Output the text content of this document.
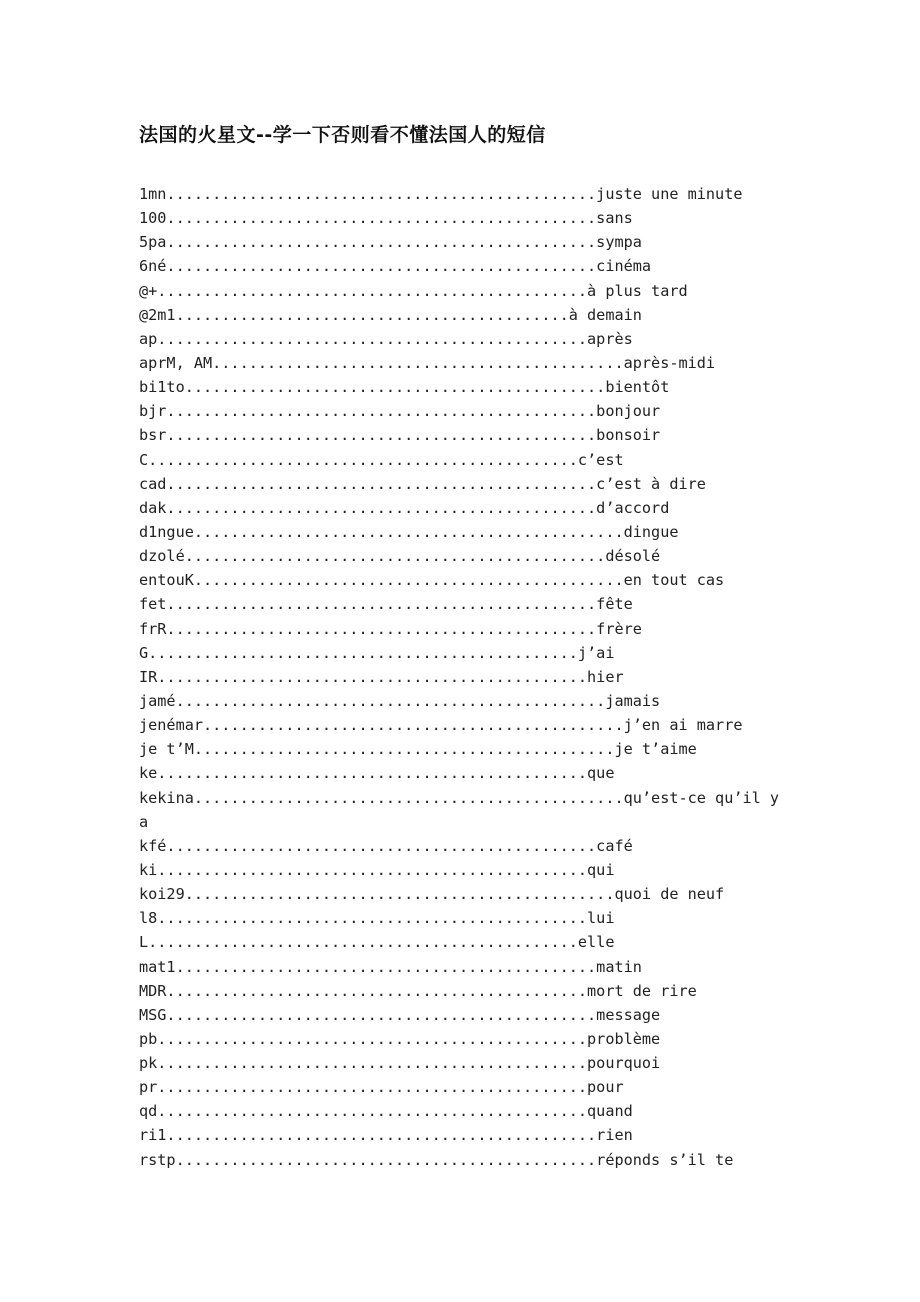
法国的火星文--学一下否则看不懂法国人的短信
1mn...............................................juste une minute
100...............................................sans
5pa...............................................sympa
6né...............................................cinéma
@+...............................................à plus tard
@2m1...........................................à demain
ap...............................................après
aprM, AM.............................................après-midi
bi1to..............................................bientôt
bjr...............................................bonjour
bsr...............................................bonsoir
C...............................................c’est
cad...............................................c’est à dire
dak...............................................d’accord
d1ngue...............................................dingue
dzolé..............................................désolé
entouK...............................................en tout cas
fet...............................................fête
frR...............................................frère
G...............................................j’ai
IR...............................................hier
jamé...............................................jamais
jenémar..............................................j’en ai marre
je t’M..............................................je t’aime
ke...............................................que
kekina...............................................qu’est-ce qu’il y
a
kfé...............................................café
ki...............................................qui
koi29...............................................quoi de neuf
l8...............................................lui
L...............................................elle
mat1..............................................matin
MDR..............................................mort de rire
MSG...............................................message
pb...............................................problème
pk...............................................pourquoi
pr...............................................pour
qd...............................................quand
ri1...............................................rien
rstp..............................................réponds s’il te
